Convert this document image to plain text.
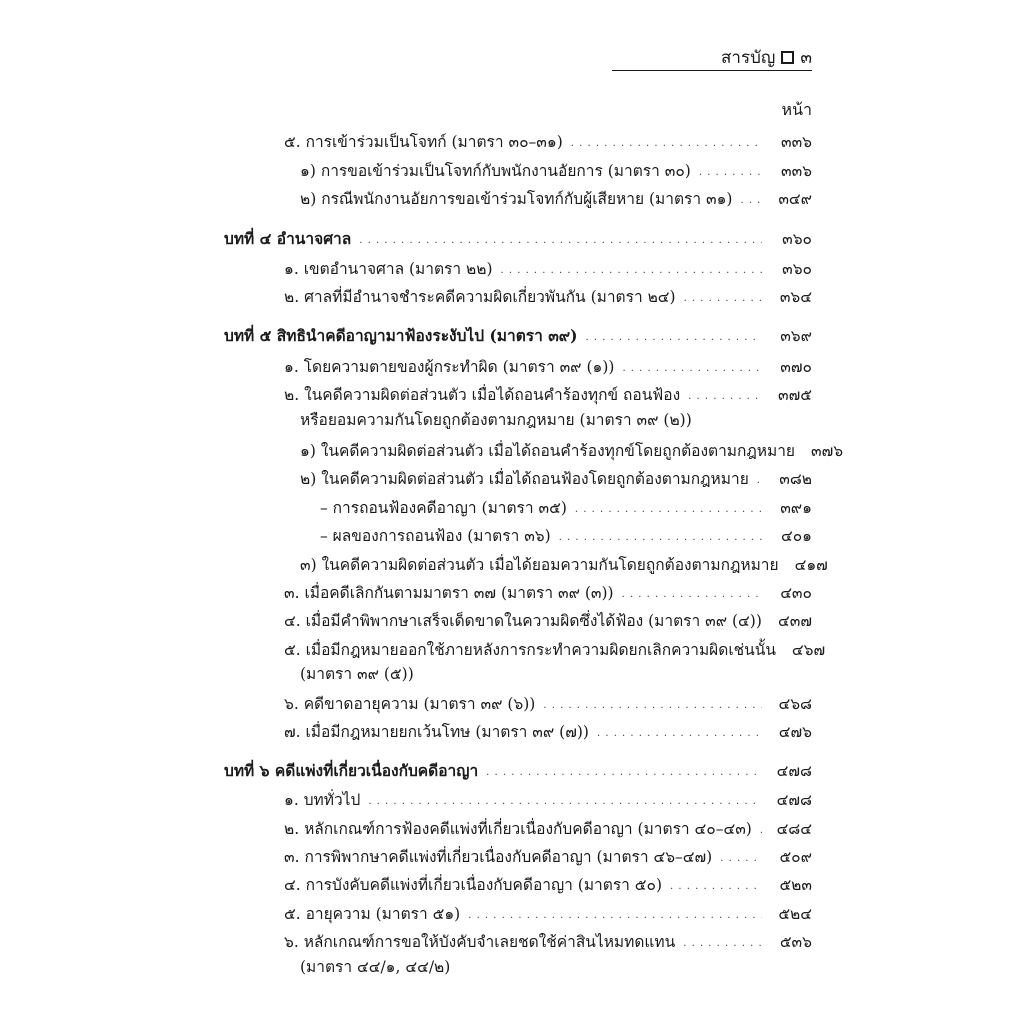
สารบัญ ๓
หน้า
๕. การเข้าร่วมเป็นโจทก์ (มาตรา ๓๐–๓๑) . . .	๓๓๖
๑) การขอเข้าร่วมเป็นโจทก์กับพนักงานอัยการ (มาตรา ๓๐) . . .	๓๓๖
๒) กรณีพนักงานอัยการขอเข้าร่วมโจทก์กับผู้เสียหาย (มาตรา ๓๑) . . .	๓๔๙
บทที่ ๔ อำนาจศาล . . .	๓๖๐
๑. เขตอำนาจศาล (มาตรา ๒๒) . . .	๓๖๐
๒. ศาลที่มีอำนาจชำระคดีความผิดเกี่ยวพันกัน (มาตรา ๒๔) . . .	๓๖๔
บทที่ ๕ สิทธินำคดีอาญามาฟ้องระงับไป (มาตรา ๓๙) . . .	๓๖๙
๑. โดยความตายของผู้กระทำผิด (มาตรา ๓๙ (๑)) . . .	๓๗๐
๒. ในคดีความผิดต่อส่วนตัว เมื่อได้ถอนคำร้องทุกข์ ถอนฟ้อง . . .	๓๗๕
หรือยอมความกันโดยถูกต้องตามกฎหมาย (มาตรา ๓๙ (๒))
๑) ในคดีความผิดต่อส่วนตัว เมื่อได้ถอนคำร้องทุกข์โดยถูกต้องตามกฎหมาย ๓๗๖
๒) ในคดีความผิดต่อส่วนตัว เมื่อได้ถอนฟ้องโดยถูกต้องตามกฎหมาย . . .	๓๘๒
– การถอนฟ้องคดีอาญา (มาตรา ๓๕) . . .	๓๙๑
– ผลของการถอนฟ้อง (มาตรา ๓๖) . . .	๔๐๑
๓) ในคดีความผิดต่อส่วนตัว เมื่อได้ยอมความกันโดยถูกต้องตามกฎหมาย ๔๑๗
๓. เมื่อคดีเลิกกันตามมาตรา ๓๗ (มาตรา ๓๙ (๓)) . . .	๔๓๐
๔. เมื่อมีคำพิพากษาเสร็จเด็ดขาดในความผิดซึ่งได้ฟ้อง (มาตรา ๓๙ (๔)) ๔๓๗
๕. เมื่อมีกฎหมายออกใช้ภายหลังการกระทำความผิดยกเลิกความผิดเช่นนั้น ๔๖๗
(มาตรา ๓๙ (๕))
๖. คดีขาดอายุความ (มาตรา ๓๙ (๖)) . . .	๔๖๘
๗. เมื่อมีกฎหมายยกเว้นโทษ (มาตรา ๓๙ (๗)) . . .	๔๗๖
บทที่ ๖ คดีแพ่งที่เกี่ยวเนื่องกับคดีอาญา . . .	๔๗๘
๑. บททั่วไป . . .	๔๗๘
๒. หลักเกณฑ์การฟ้องคดีแพ่งที่เกี่ยวเนื่องกับคดีอาญา (มาตรา ๔๐–๔๓) . . .	๔๘๔
๓. การพิพากษาคดีแพ่งที่เกี่ยวเนื่องกับคดีอาญา (มาตรา ๔๖–๔๗) . . .	๕๐๙
๔. การบังคับคดีแพ่งที่เกี่ยวเนื่องกับคดีอาญา (มาตรา ๕๐) . . .	๕๒๓
๕. อายุความ (มาตรา ๕๑) . . .	๕๒๔
๖. หลักเกณฑ์การขอให้บังคับจำเลยชดใช้ค่าสินไหมทดแทน . . .	๕๓๖
(มาตรา ๔๔/๑, ๔๔/๒)
